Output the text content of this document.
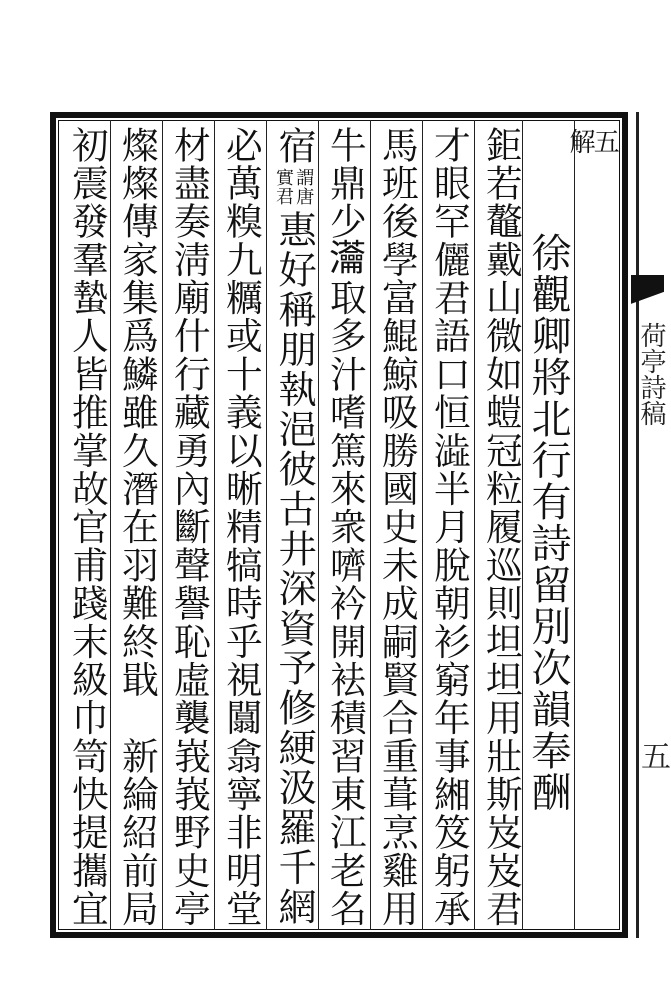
五
解
徐觀卿將北行有詩留別次韻奉酬
鉅若鼇戴山微如螘冠粒履巡則坦坦用壯斯岌岌君
才眼罕儷君語口恒澁半月脫朝衫窮年事緗笈躬承
馬班後學富鯤鯨吸勝國史未成嗣賢合重葺烹雞用
牛鼎少𤅢取多汁嗜篤來衆嚌衿開袪積習東江老名
宿
謂唐
實君
惠好稱朋執浥彼古井深資予修綆汲羅千網
必萬糗九糲或十義以晰精犒時乎視闒翕寧非明堂
材盡奏淸廟什行藏勇內斷聲譽恥虛襲峩峩野史亭
燦燦傳家集爲鱗雖久潛在羽難終戢　新綸紹前局
初震發羣蟄人皆推掌故官甫踐末級巾笥快提攜宜	荷亭詩稿
五
